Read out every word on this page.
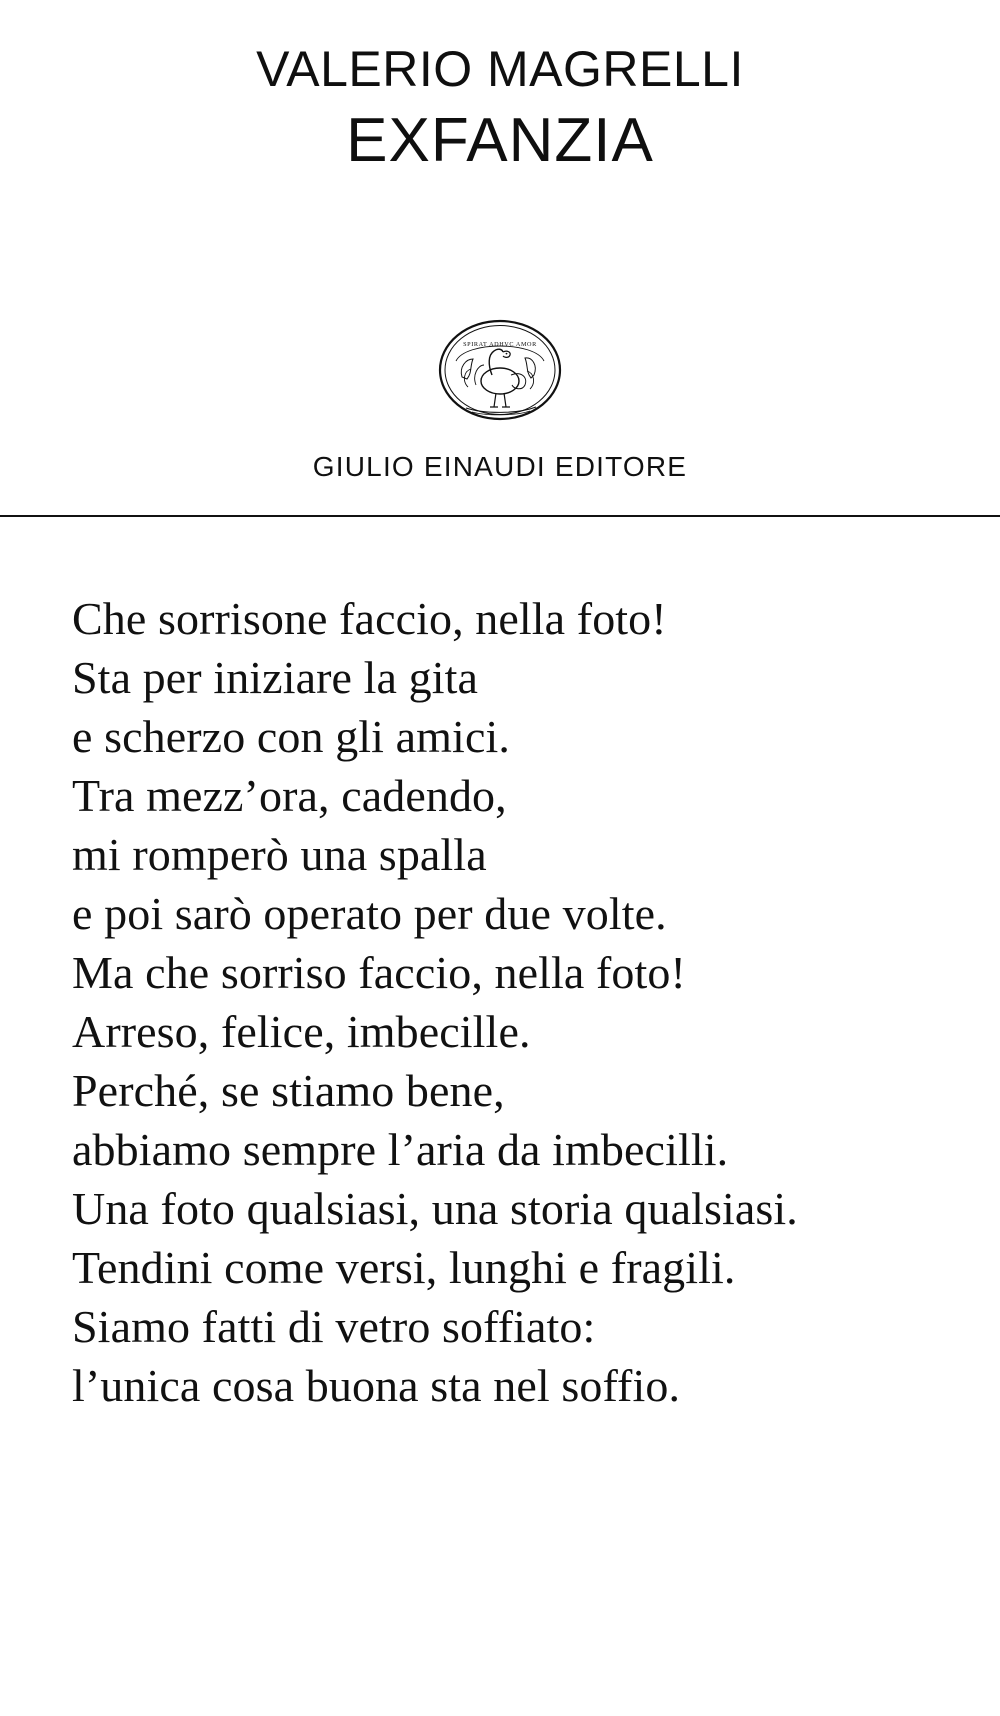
VALERIO MAGRELLI
EXFANZIA
SPIRAT ADHVC AMOR
GIULIO EINAUDI EDITORE
Che sorrisone faccio, nella foto!
Sta per iniziare la gita
e scherzo con gli amici.
Tra mezz’ora, cadendo,
mi romperò una spalla
e poi sarò operato per due volte.
Ma che sorriso faccio, nella foto!
Arreso, felice, imbecille.
Perché, se stiamo bene,
abbiamo sempre l’aria da imbecilli.
Una foto qualsiasi, una storia qualsiasi.
Tendini come versi, lunghi e fragili.
Siamo fatti di vetro soffiato:
l’unica cosa buona sta nel soffio.
